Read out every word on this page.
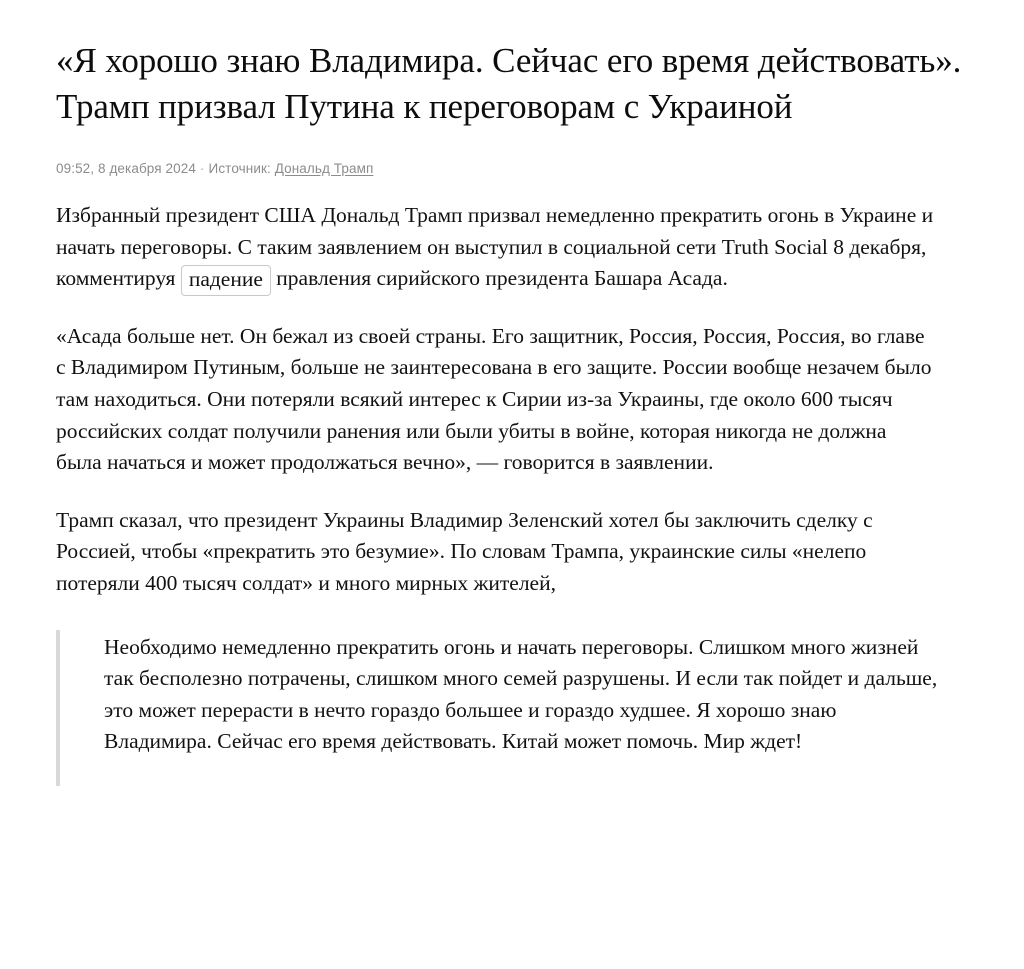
«Я хорошо знаю Владимира. Сейчас его время действовать». Трамп призвал Путина к переговорам с Украиной
09:52, 8 декабря 2024 · Источник: Дональд Трамп

Избранный президент США Дональд Трамп призвал немедленно прекратить огонь в Украине и начать переговоры. С таким заявлением он выступил в социальной сети Truth Social 8 декабря, комментируя падение правления сирийского президента Башара Асада.

«Асада больше нет. Он бежал из своей страны. Его защитник, Россия, Россия, Россия, во главе с Владимиром Путиным, больше не заинтересована в его защите. России вообще незачем было там находиться. Они потеряли всякий интерес к Сирии из-за Украины, где около 600 тысяч российских солдат получили ранения или были убиты в войне, которая никогда не должна была начаться и может продолжаться вечно», — говорится в заявлении.

Трамп сказал, что президент Украины Владимир Зеленский хотел бы заключить сделку с Россией, чтобы «прекратить это безумие». По словам Трампа, украинские силы «нелепо потеряли 400 тысяч солдат» и много мирных жителей,

Необходимо немедленно прекратить огонь и начать переговоры. Слишком много жизней так бесполезно потрачены, слишком много семей разрушены. И если так пойдет и дальше, это может перерасти в нечто гораздо большее и гораздо худшее. Я хорошо знаю Владимира. Сейчас его время действовать. Китай может помочь. Мир ждет!
